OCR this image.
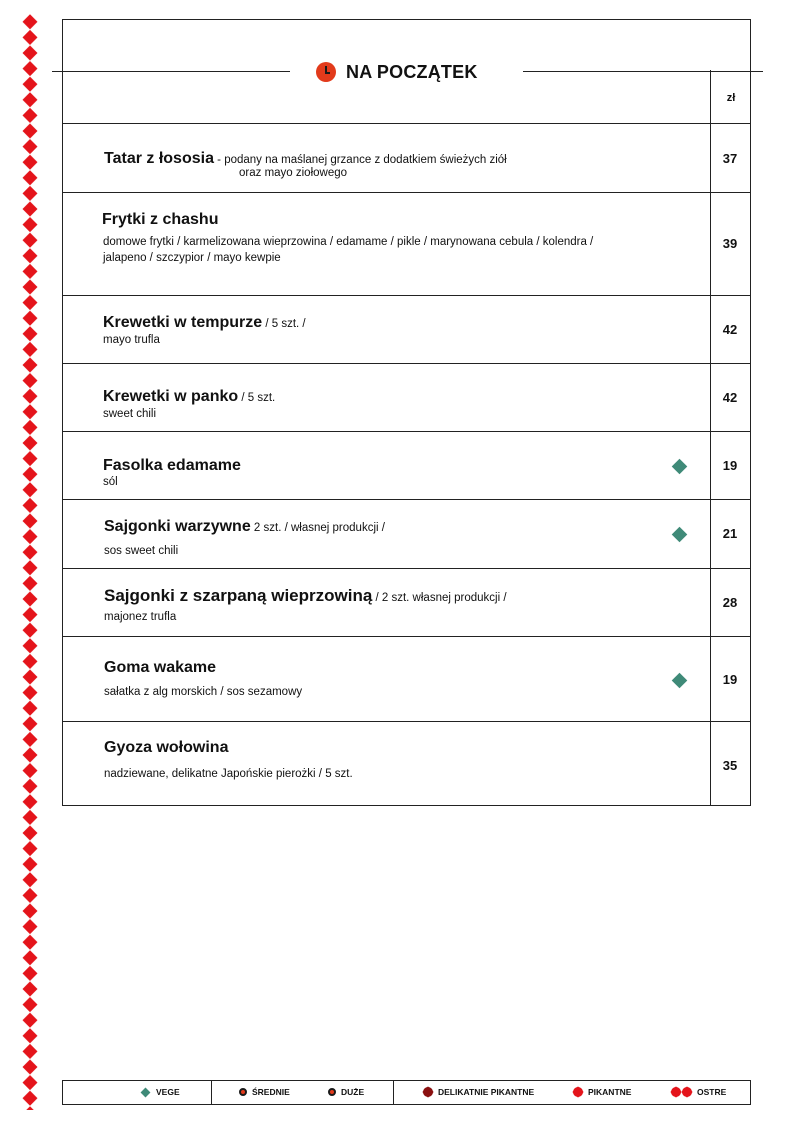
NA POCZĄTEK
zł
Tatar z łososia - podany na maślanej grzance z dodatkiem świeżych ziół
oraz mayo ziołowego
37
Frytki z chashu
domowe frytki / karmelizowana wieprzowina / edamame / pikle / marynowana cebula / kolendra /
jalapeno / szczypior / mayo kewpie
39
Krewetki w tempurze / 5 szt. /
mayo trufla
42
Krewetki w panko / 5 szt.
sweet chili
42
Fasolka edamame
sól
19
Sajgonki warzywne 2 szt. / własnej produkcji /
sos sweet chili
21
Sajgonki z szarpaną wieprzowiną / 2 szt. własnej produkcji /
majonez trufla
28
Goma wakame
sałatka z alg morskich / sos sezamowy
19
Gyoza wołowina
nadziewane, delikatne Japońskie pierożki / 5 szt.
35
VEGE	ŚREDNIE	DUŻE	DELIKATNIE PIKANTNE	PIKANTNE	OSTRE
